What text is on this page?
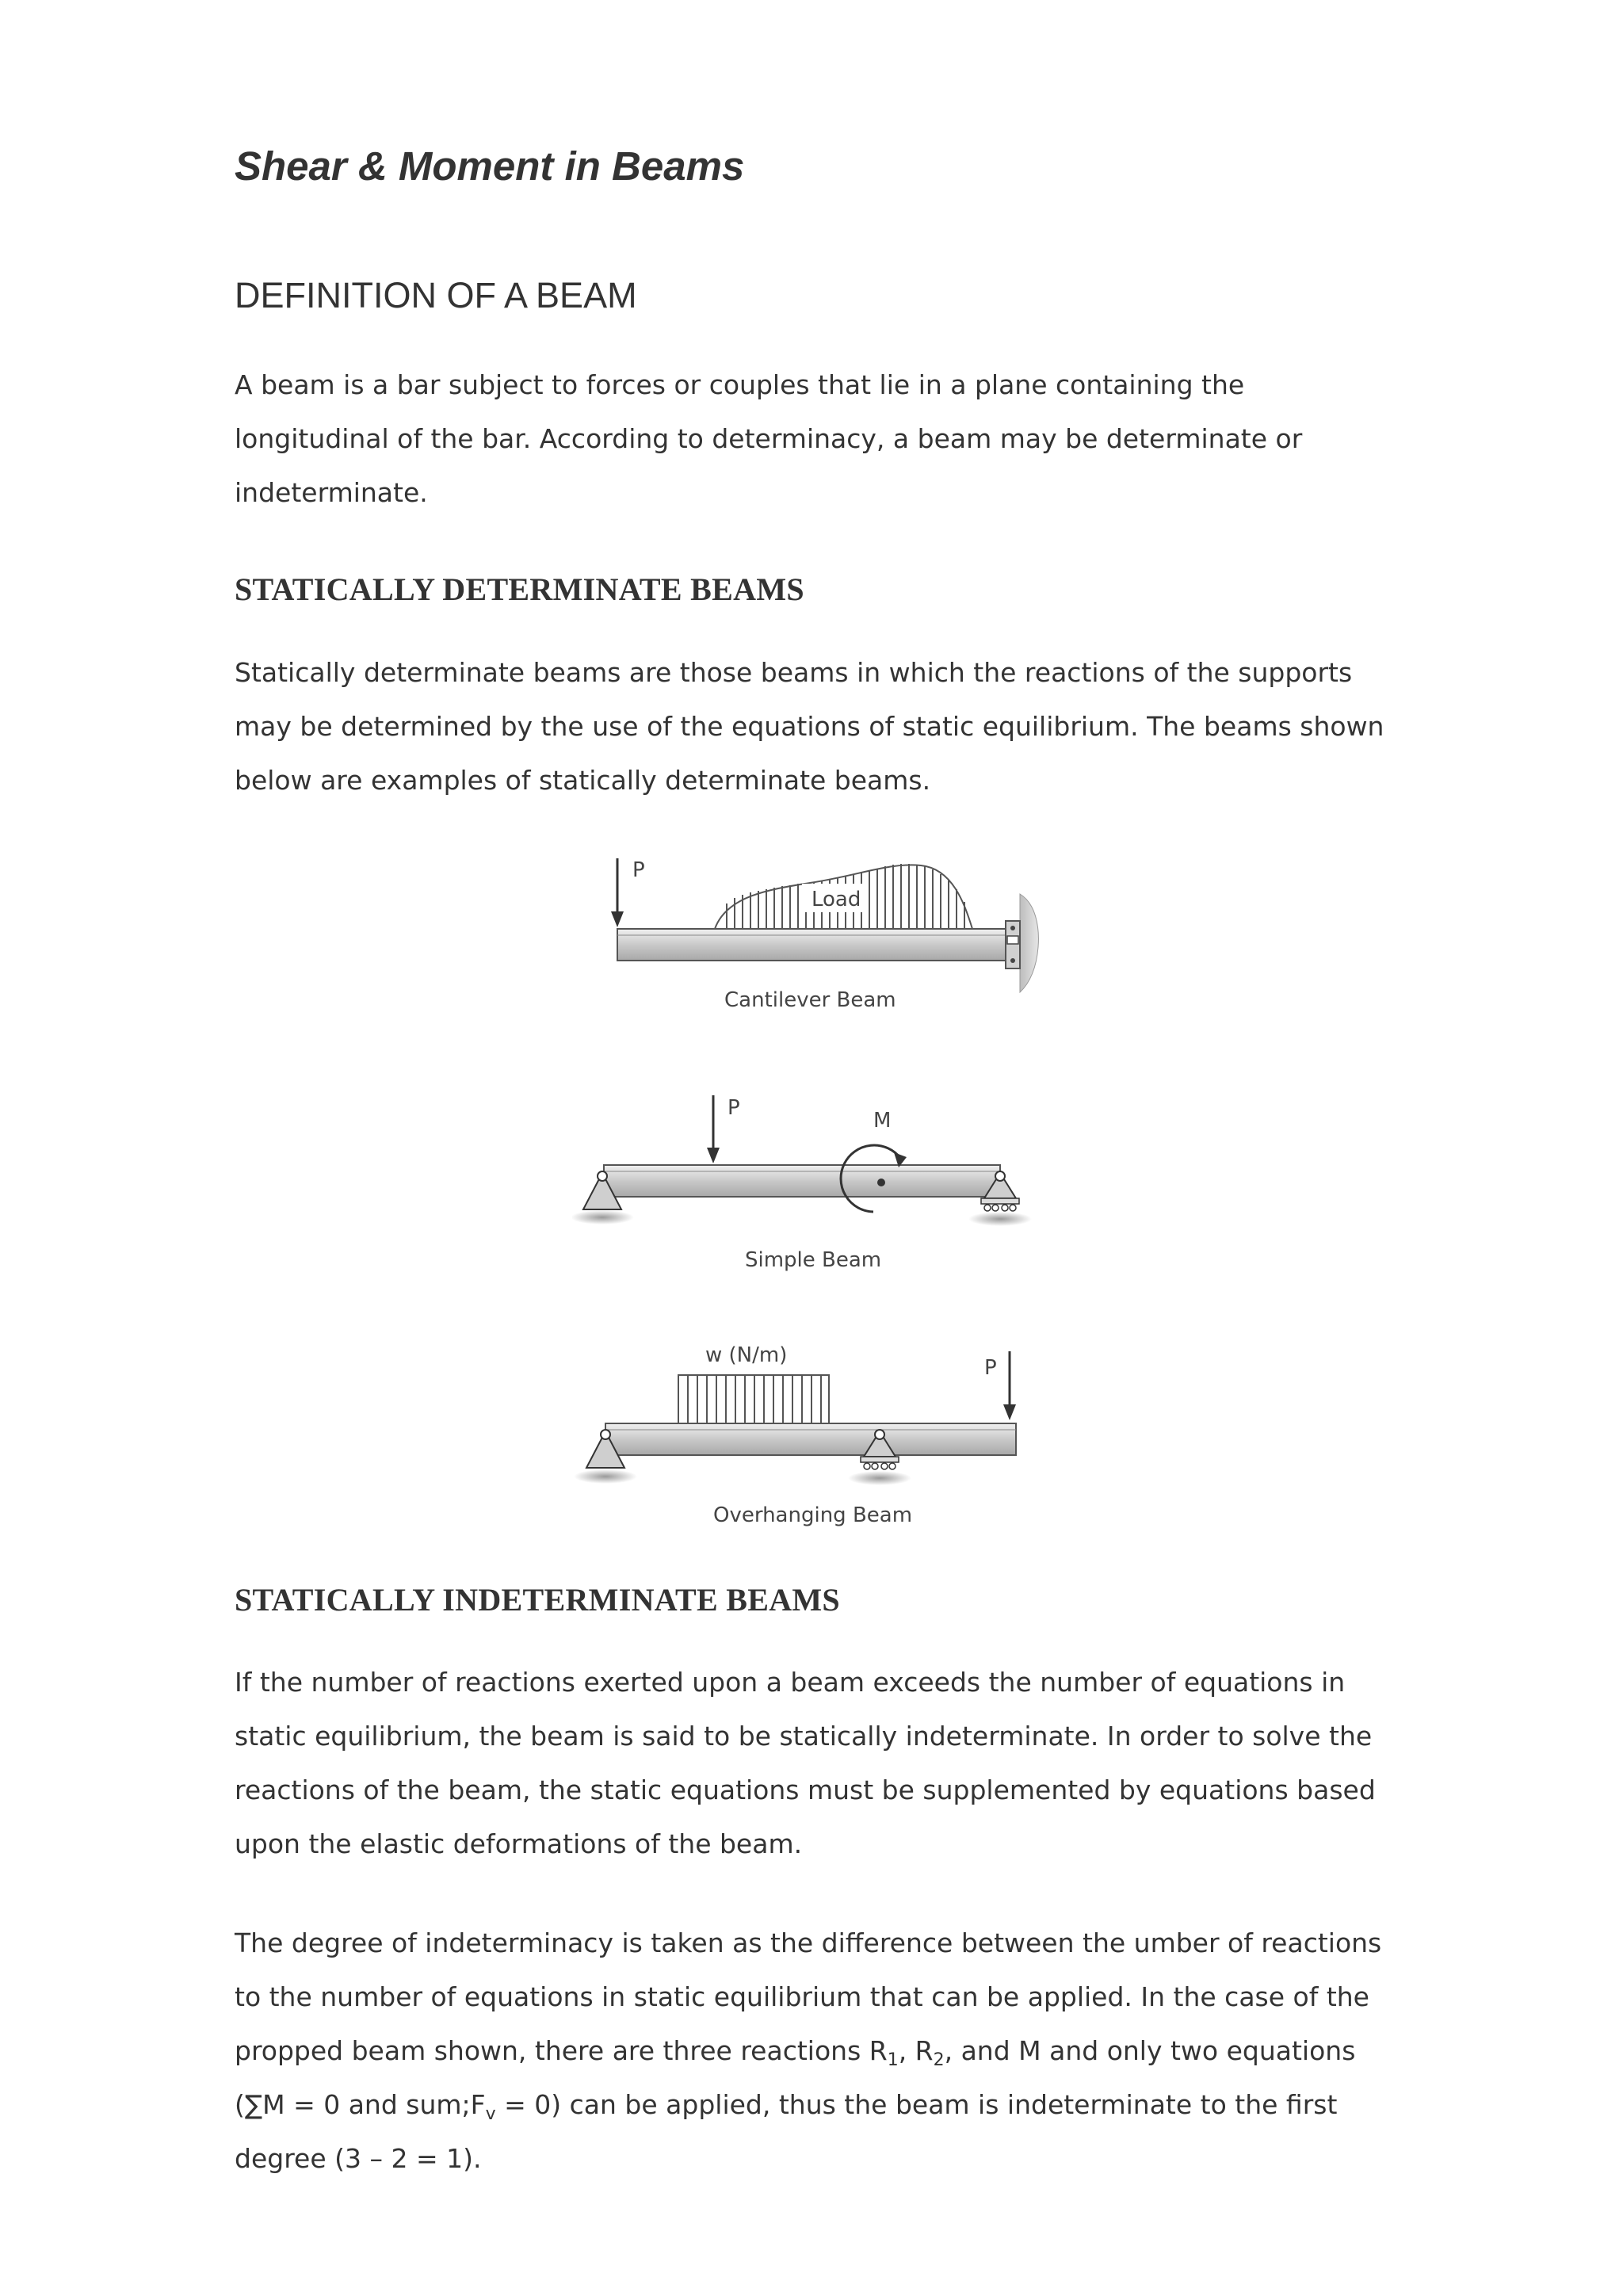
Shear & Moment in Beams
DEFINITION OF A BEAM
A beam is a bar subject to forces or couples that lie in a plane containing the
longitudinal of the bar. According to determinacy, a beam may be determinate or
indeterminate.
STATICALLY DETERMINATE BEAMS
Statically determinate beams are those beams in which the reactions of the supports
may be determined by the use of the equations of static equilibrium. The beams shown
below are examples of statically determinate beams.
STATICALLY INDETERMINATE BEAMS
If the number of reactions exerted upon a beam exceeds the number of equations in
static equilibrium, the beam is said to be statically indeterminate. In order to solve the
reactions of the beam, the static equations must be supplemented by equations based
upon the elastic deformations of the beam.
The degree of indeterminacy is taken as the difference between the umber of reactions
to the number of equations in static equilibrium that can be applied. In the case of the
propped beam shown, there are three reactions $R_1$, $R_2$, and M and only two equations
(∑M = 0 and $sum;F_v = 0$) can be applied, thus the beam is indeterminate to the first
degree (3 – 2 = 1).
P
Load
Cantilever Beam
P
M
Simple Beam
w (N/m)
P
Overhanging Beam
